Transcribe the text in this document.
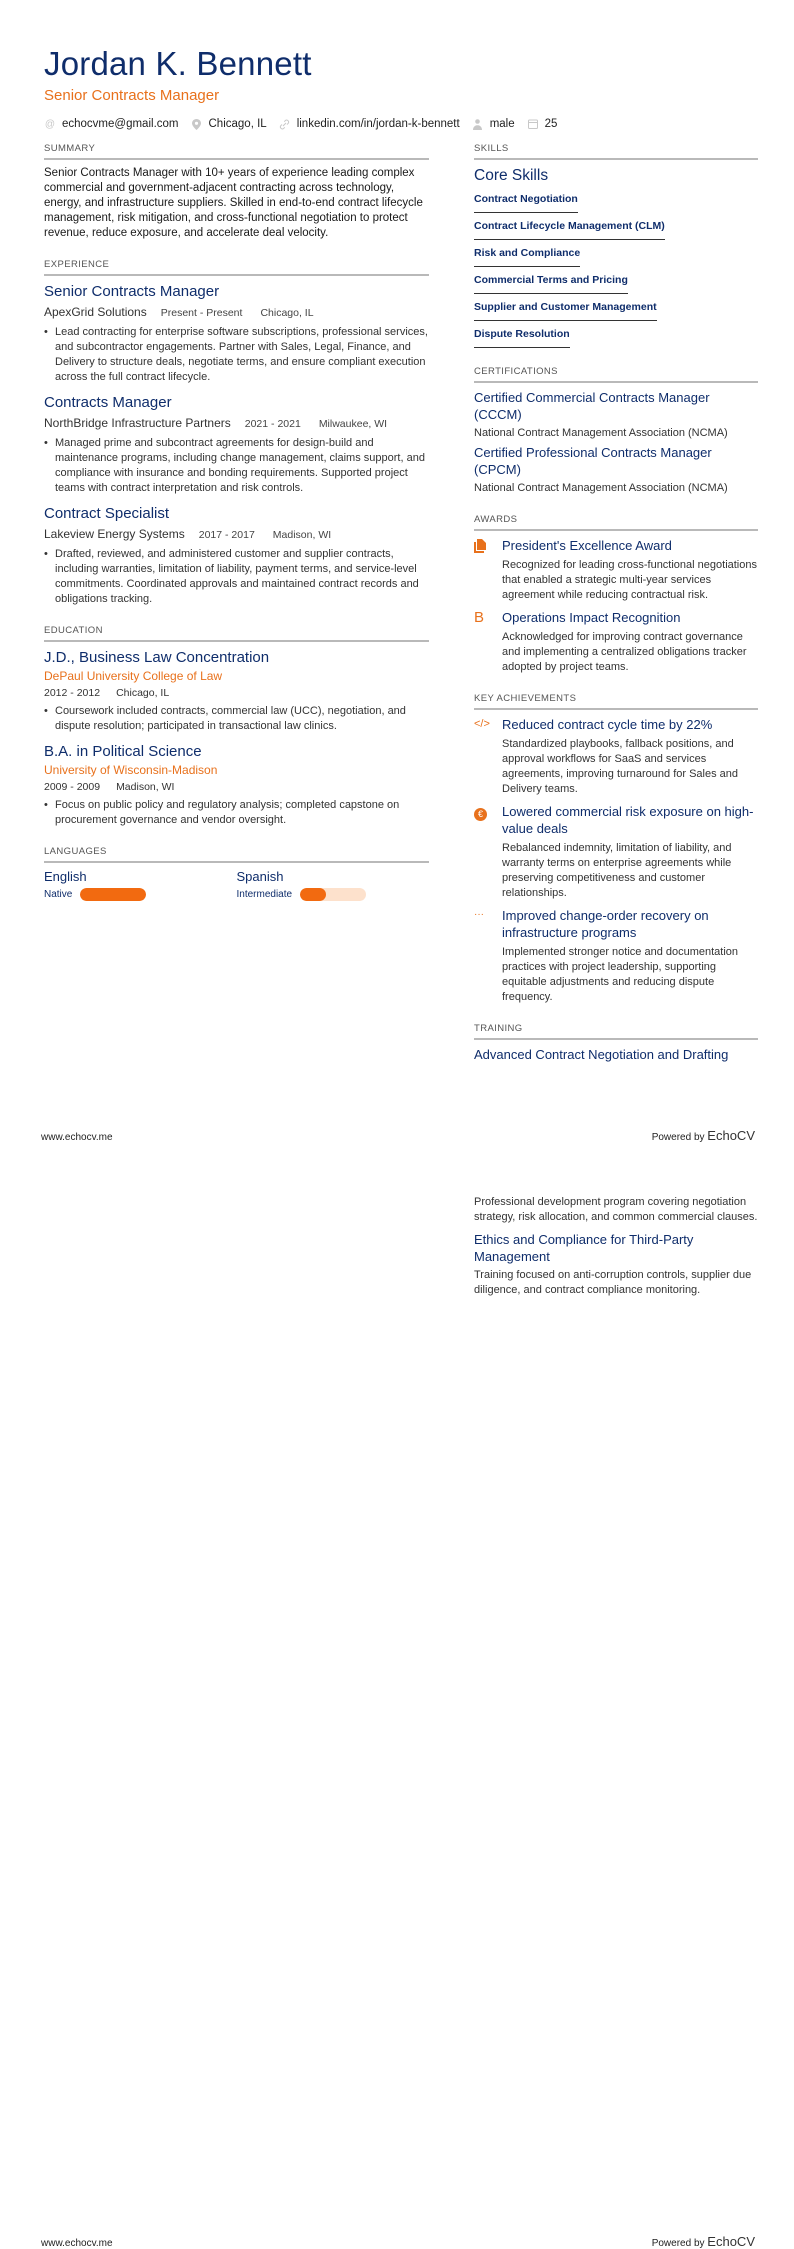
Jordan K. Bennett
Senior Contracts Manager
@ echocvme@gmail.com	Chicago, IL	linkedin.com/in/jordan-k-bennett	male	25
SUMMARY
Senior Contracts Manager with 10+ years of experience leading complex commercial and government-adjacent contracting across technology, energy, and infrastructure suppliers. Skilled in end-to-end contract lifecycle management, risk mitigation, and cross-functional negotiation to protect revenue, reduce exposure, and accelerate deal velocity.
EXPERIENCE
Senior Contracts Manager
ApexGrid Solutions Present - Present Chicago, IL
• Lead contracting for enterprise software subscriptions, professional services, and subcontractor engagements. Partner with Sales, Legal, Finance, and Delivery to structure deals, negotiate terms, and ensure compliant execution across the full contract lifecycle.
Contracts Manager
NorthBridge Infrastructure Partners 2021 - 2021 Milwaukee, WI
• Managed prime and subcontract agreements for design-build and maintenance programs, including change management, claims support, and compliance with insurance and bonding requirements. Supported project teams with contract interpretation and risk controls.
Contract Specialist
Lakeview Energy Systems 2017 - 2017 Madison, WI
• Drafted, reviewed, and administered customer and supplier contracts, including warranties, limitation of liability, payment terms, and service-level commitments. Coordinated approvals and maintained contract records and obligations tracking.
EDUCATION
J.D., Business Law Concentration
DePaul University College of Law
2012 - 2012 Chicago, IL
• Coursework included contracts, commercial law (UCC), negotiation, and dispute resolution; participated in transactional law clinics.
B.A. in Political Science
University of Wisconsin-Madison
2009 - 2009 Madison, WI
• Focus on public policy and regulatory analysis; completed capstone on procurement governance and vendor oversight.
LANGUAGES
English
Native
Spanish
Intermediate
SKILLS
Core Skills
Contract Negotiation
Contract Lifecycle Management (CLM)
Risk and Compliance
Commercial Terms and Pricing
Supplier and Customer Management
Dispute Resolution
CERTIFICATIONS
Certified Commercial Contracts Manager (CCCM)
National Contract Management Association (NCMA)
Certified Professional Contracts Manager (CPCM)
National Contract Management Association (NCMA)
AWARDS
President's Excellence Award
Recognized for leading cross-functional negotiations that enabled a strategic multi-year services agreement while reducing contractual risk.
B	Operations Impact Recognition
Acknowledged for improving contract governance and implementing a centralized obligations tracker adopted by project teams.
KEY ACHIEVEMENTS
</> Reduced contract cycle time by 22%
Standardized playbooks, fallback positions, and approval workflows for SaaS and services agreements, improving turnaround for Sales and Delivery teams.
€	Lowered commercial risk exposure on high-value deals
Rebalanced indemnity, limitation of liability, and warranty terms on enterprise agreements while preserving competitiveness and customer relationships.
···	Improved change-order recovery on infrastructure programs
Implemented stronger notice and documentation practices with project leadership, supporting equitable adjustments and reducing dispute frequency.
TRAINING
Advanced Contract Negotiation and Drafting
www.echocv.me	Powered by EchoCV
Professional development program covering negotiation strategy, risk allocation, and common commercial clauses.
Ethics and Compliance for Third-Party Management
Training focused on anti-corruption controls, supplier due diligence, and contract compliance monitoring.
www.echocv.me	Powered by EchoCV
